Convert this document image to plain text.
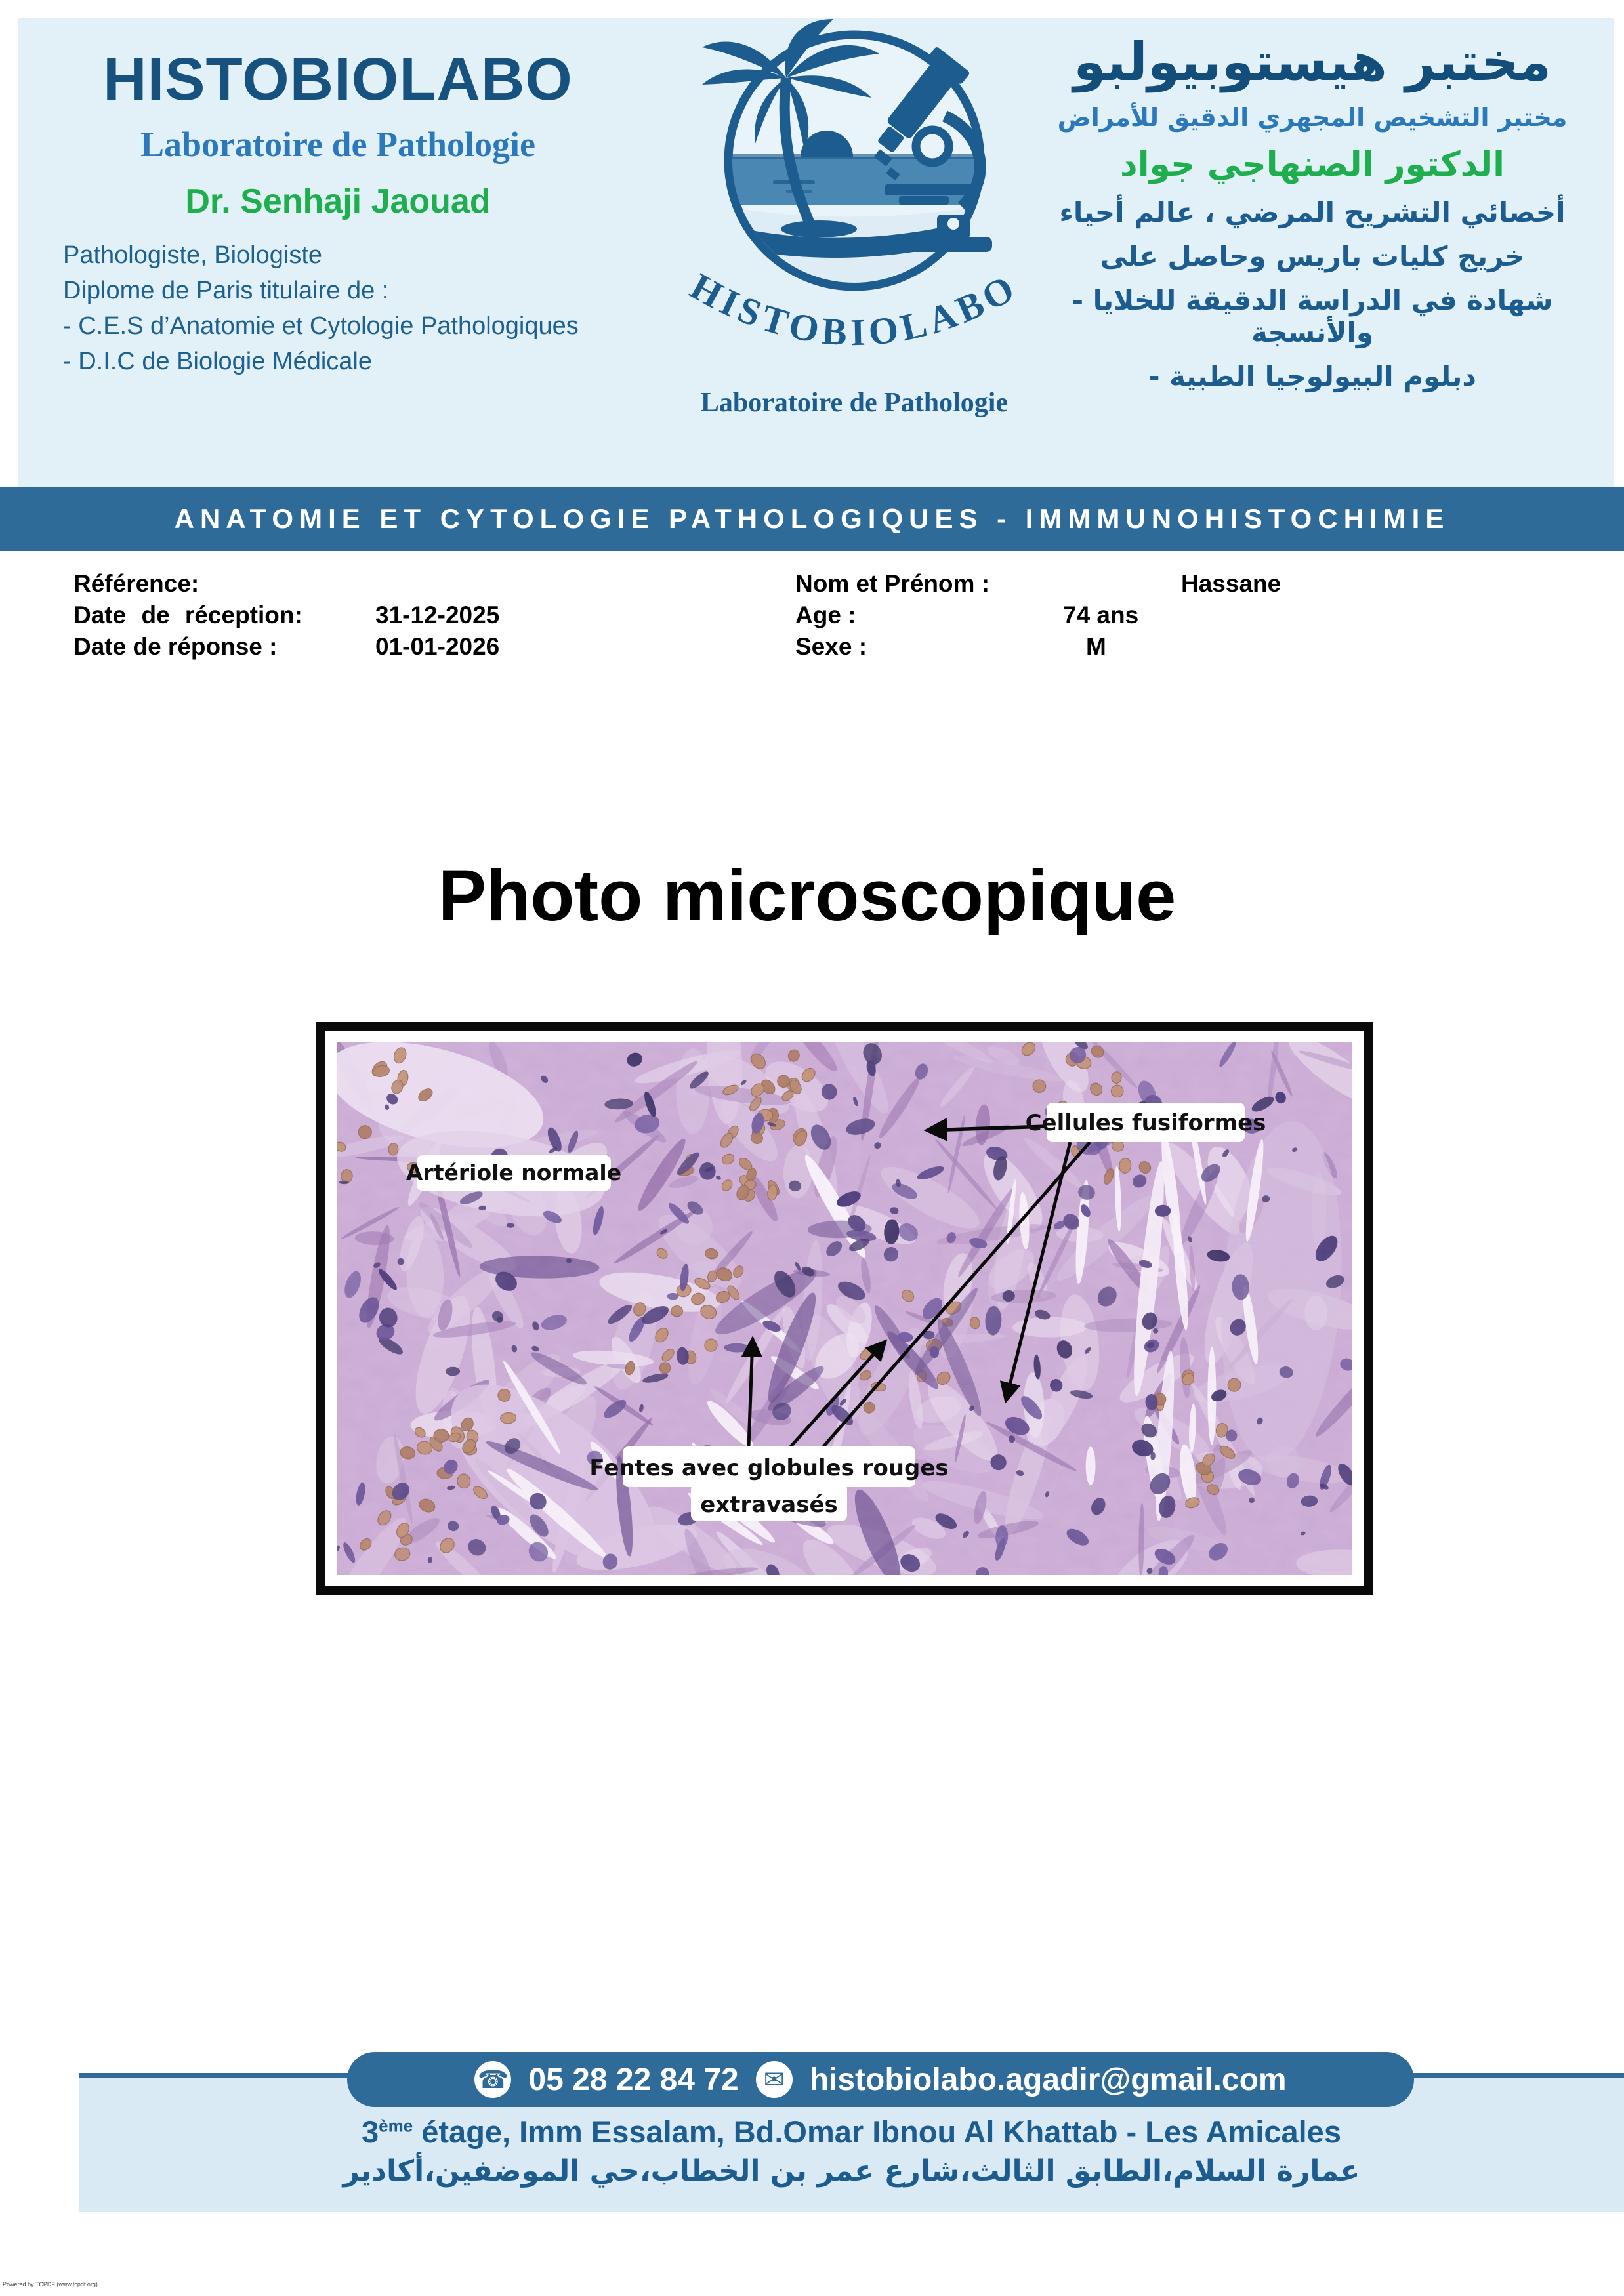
HISTOBIOLABO
Laboratoire de Pathologie
Dr. Senhaji Jaouad
Pathologiste, Biologiste
Diplome de Paris titulaire de :
- C.E.S d’Anatomie et Cytologie Pathologiques
- D.I.C de Biologie Médicale
HISTOBIOLABO
Laboratoire de Pathologie
مختبر هيستوبيولبو
مختبر التشخيص المجهري الدقيق للأمراض
الدكتور الصنهاجي جواد
أخصائي التشريح المرضي ، عالم أحياء
خريج كليات باريس وحاصل على
- شهادة في الدراسة الدقيقة للخلايا والأنسجة
- دبلوم البيولوجيا الطبية
ANATOMIE ET CYTOLOGIE PATHOLOGIQUES - IMMMUNOHISTOCHIMIE
Référence:
Date de réception:	31-12-2025
Date de réponse :	01-01-2026
Nom et Prénom :	Hassane
Age :	74 ans
Sexe :	M
Photo microscopique
Cellules fusiformes
Artériole normale
Fentes avec globules rouges
extravasés
☎ 05 28 22 84 72	✉ histobiolabo.agadir@gmail.com
3ème étage, Imm Essalam, Bd.Omar Ibnou Al Khattab - Les Amicales
عمارة السلام،الطابق الثالث،شارع عمر بن الخطاب،حي الموضفين،أكادير
Powered by TCPDF (www.tcpdf.org)
